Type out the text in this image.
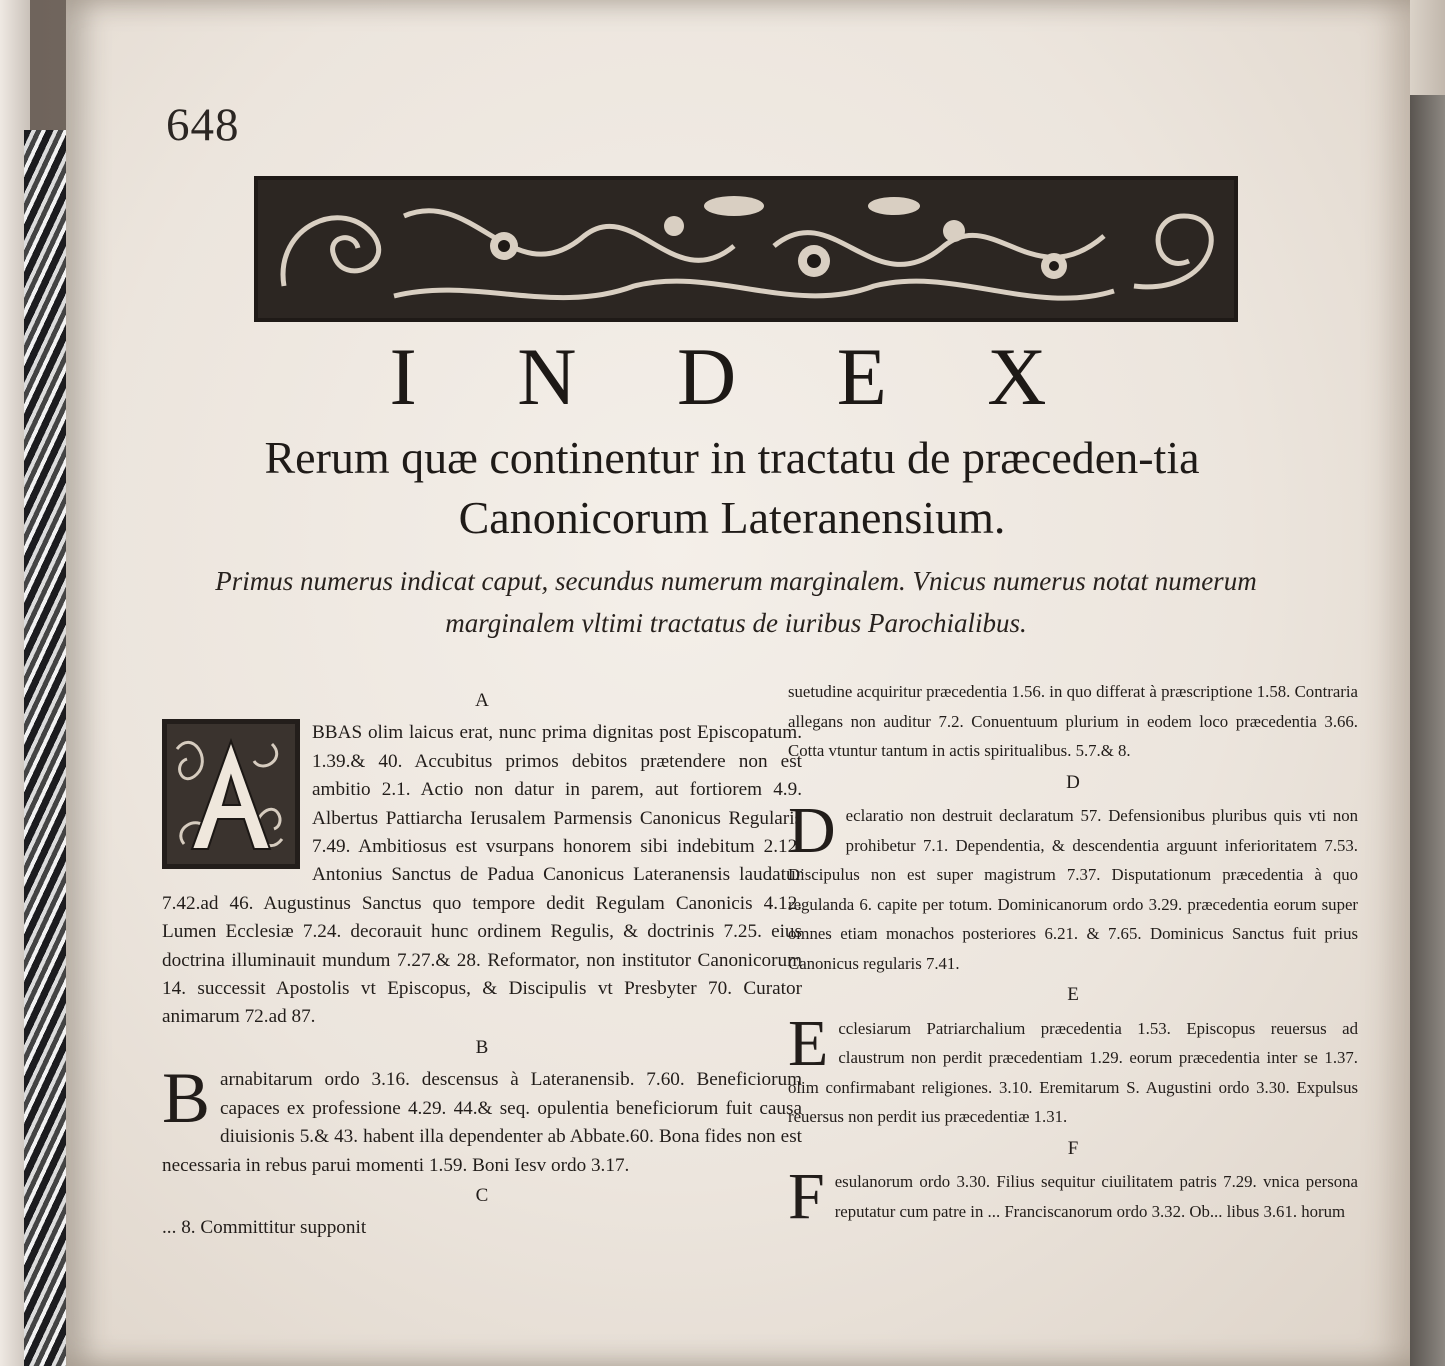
648
I N D E X
Rerum quæ continentur in tractatu de præceden-tia Canonicorum Lateranensium.
Primus numerus indicat caput, secundus numerum marginalem. Vnicus numerus notat numerum marginalem vltimi tractatus de iuribus Parochialibus.
A
BBAS olim laicus erat, nunc prima dignitas post Episcopatum. 1.39.& 40. Accubitus primos debitos prætendere non est ambitio 2.1. Actio non datur in parem, aut fortiorem 4.9. Albertus Pattiarcha Ierusalem Parmensis Canonicus Regularis 7.49. Ambitiosus est vsurpans honorem sibi indebitum 2.12. Antonius Sanctus de Padua Canonicus Lateranensis laudatur 7.42.ad 46. Augustinus Sanctus quo tempore dedit Regulam Canonicis 4.12. Lumen Ecclesiæ 7.24. decorauit hunc ordinem Regulis, & doctrinis 7.25. eius doctrina illuminauit mundum 7.27.& 28. Reformator, non institutor Canonicorum 14. successit Apostolis vt Episcopus, & Discipulis vt Presbyter 70. Curator animarum 72.ad 87.
B
B arnabitarum ordo 3.16. descensus à Lateranensib. 7.60. Beneficiorum capaces ex professione 4.29. 44.& seq. opulentia beneficiorum fuit causa diuisionis 5.& 43. habent illa dependenter ab Abbate.60. Bona fides non est necessaria in rebus parui momenti 1.59. Boni Iesv ordo 3.17.
C
... 8. Committitur supponit
suetudine acquiritur præcedentia 1.56. in quo differat à præscriptione 1.58. Contraria allegans non auditur 7.2. Conuentuum plurium in eodem loco præcedentia 3.66. Cotta vtuntur tantum in actis spiritualibus. 5.7.& 8.
D
D eclaratio non destruit declaratum 57. Defensionibus pluribus quis vti non prohibetur 7.1. Dependentia, & descendentia arguunt inferioritatem 7.53. Discipulus non est super magistrum 7.37. Disputationum præcedentia à quo regulanda 6. capite per totum. Dominicanorum ordo 3.29. præcedentia eorum super omnes etiam monachos posteriores 6.21. & 7.65. Dominicus Sanctus fuit prius Canonicus regularis 7.41.
E
E cclesiarum Patriarchalium præcedentia 1.53. Episcopus reuersus ad claustrum non perdit præcedentiam 1.29. eorum præcedentia inter se 1.37. olim confirmabant religiones. 3.10. Eremitarum S. Augustini ordo 3.30. Expulsus reuersus non perdit ius præcedentiæ 1.31.
F
F esulanorum ordo 3.30. Filius sequitur ciuilitatem patris 7.29. vnica persona reputatur cum patre in ... Franciscanorum ordo 3.32. Ob... libus 3.61. horum
